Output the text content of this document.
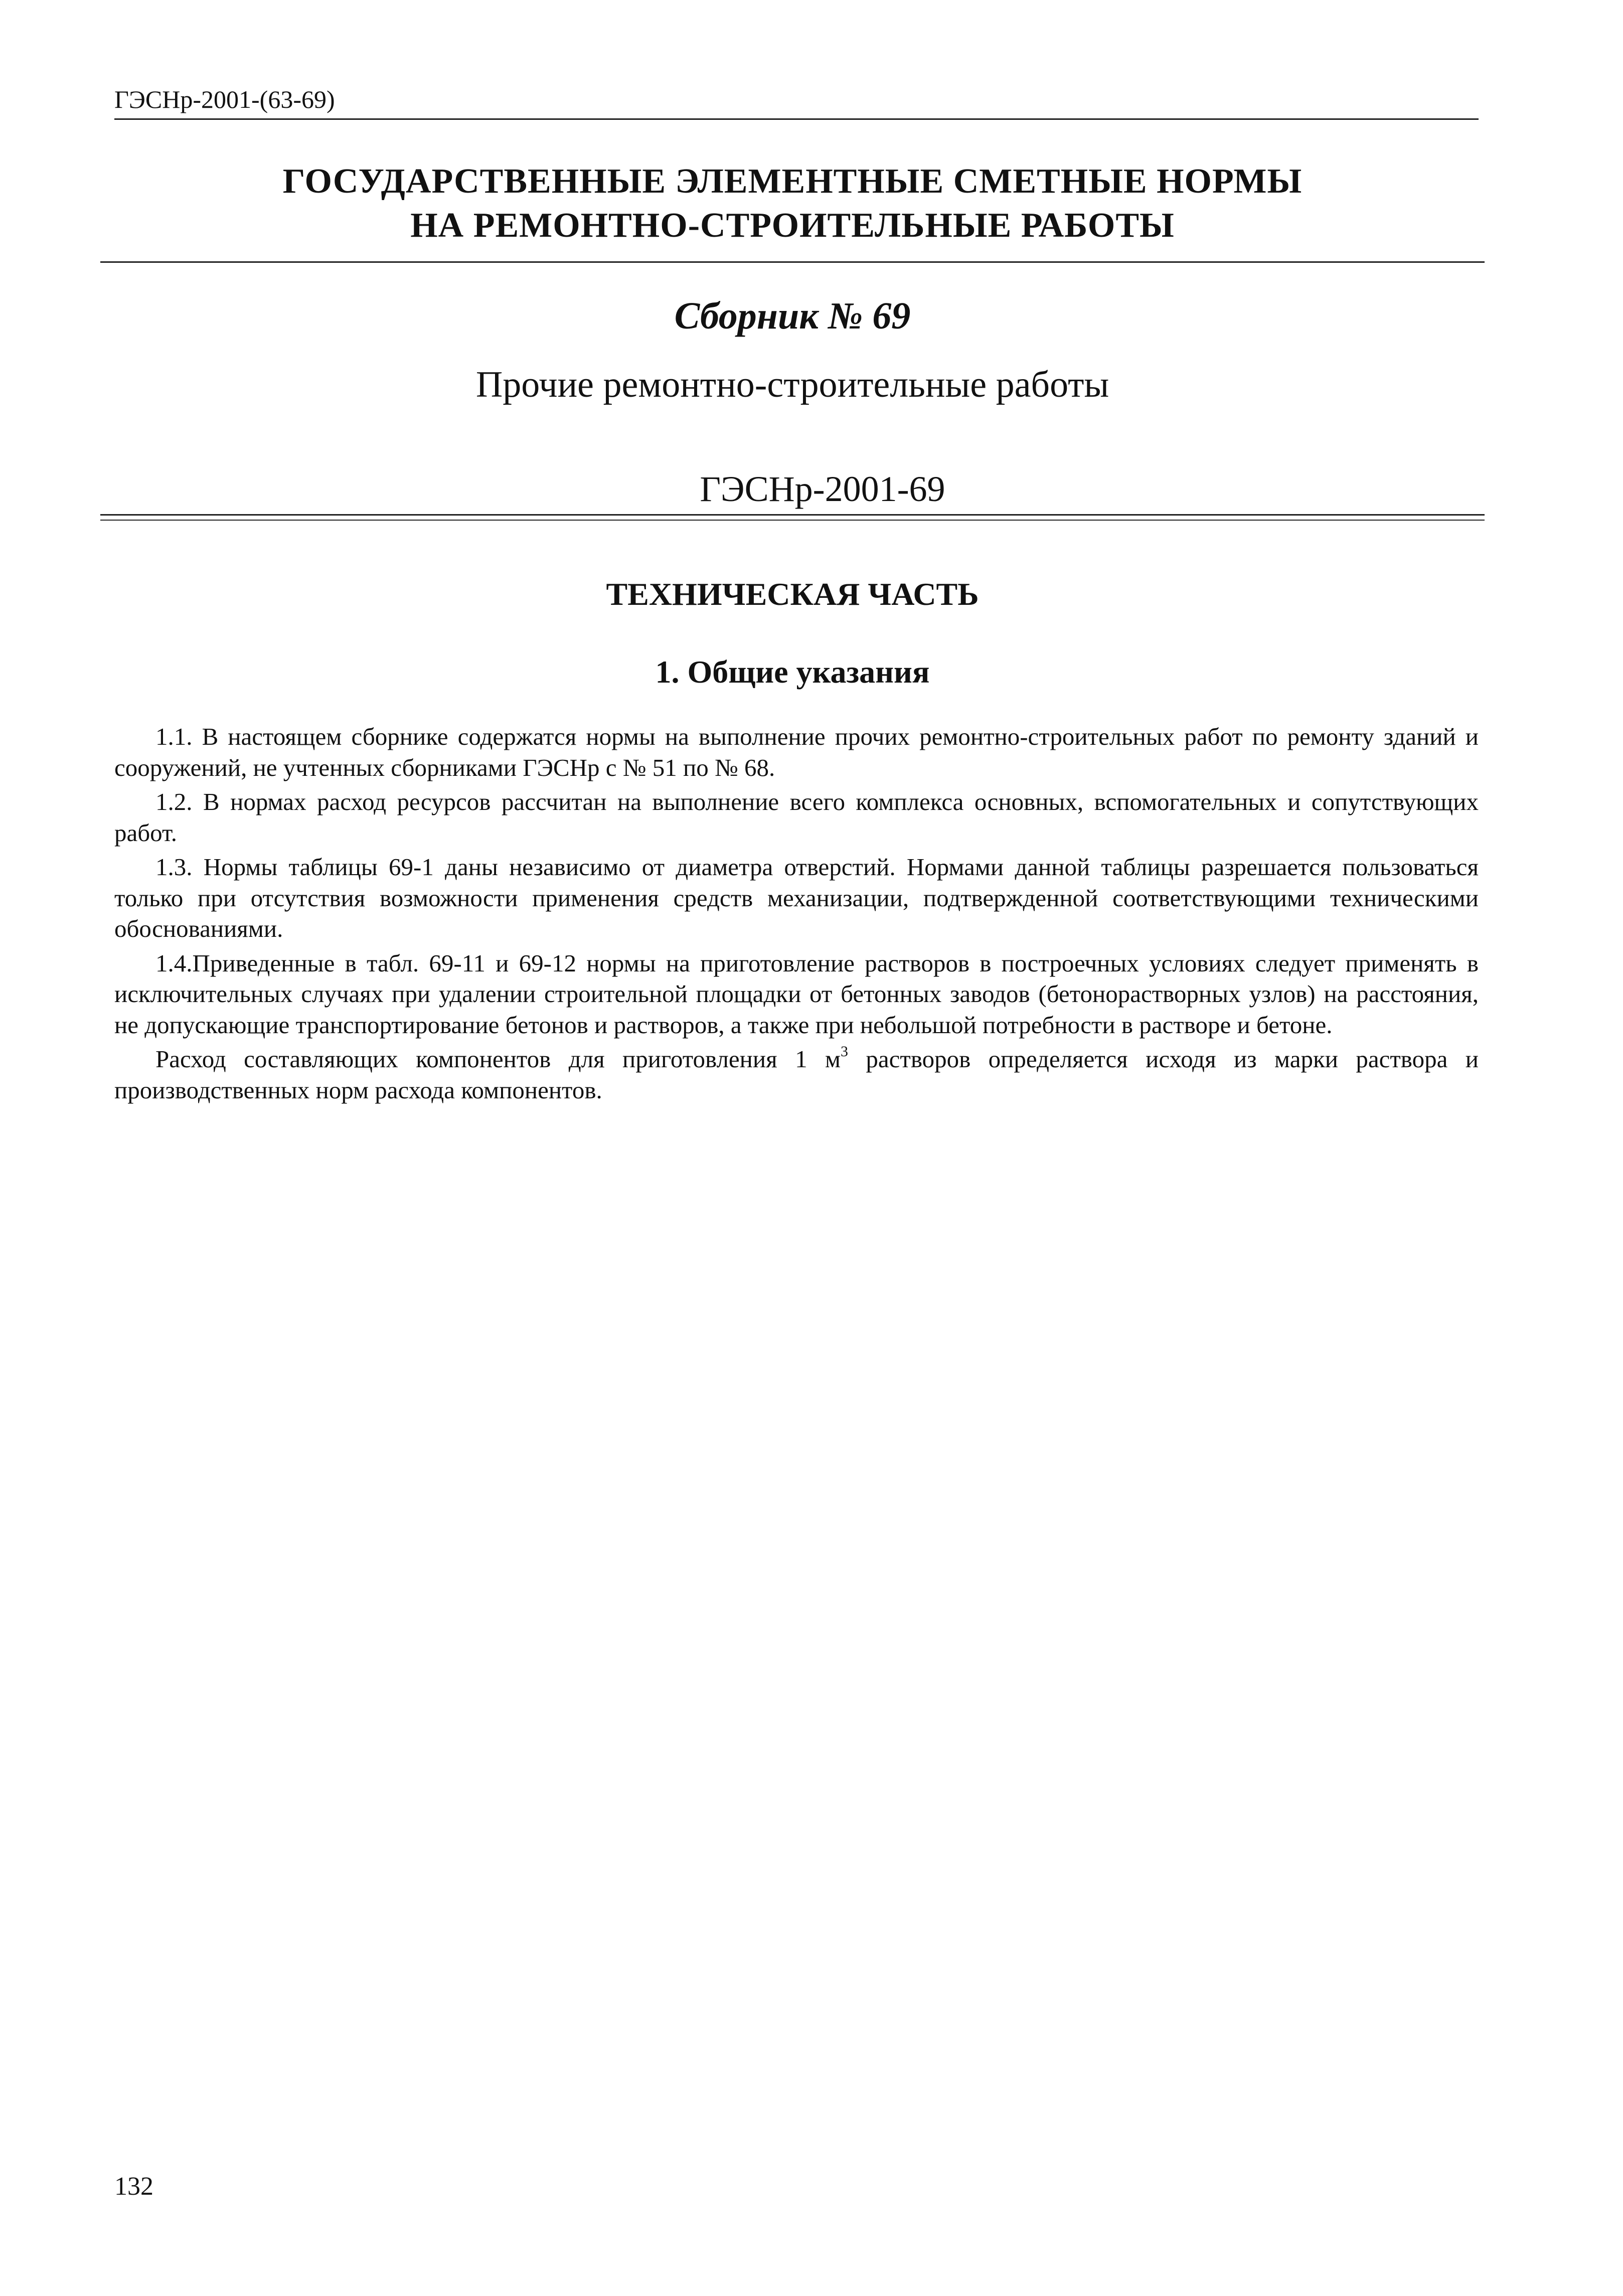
ГЭСНр-2001-(63-69)
ГОСУДАРСТВЕННЫЕ ЭЛЕМЕНТНЫЕ СМЕТНЫЕ НОРМЫ
НА РЕМОНТНО-СТРОИТЕЛЬНЫЕ РАБОТЫ
Сборник № 69
Прочие ремонтно-строительные работы
ГЭСНр-2001-69
ТЕХНИЧЕСКАЯ ЧАСТЬ
1. Общие указания

1.1. В настоящем сборнике содержатся нормы на выполнение прочих ремонтно-строительных работ по ремонту зданий и сооружений, не учтенных сборниками ГЭСНр с № 51 по № 68.

1.2. В нормах расход ресурсов рассчитан на выполнение всего комплекса основных, вспомогательных и сопутствующих работ.

1.3. Нормы таблицы 69-1 даны независимо от диаметра отверстий. Нормами данной таблицы разрешается пользоваться только при отсутствия возможности применения средств механизации, подтвержденной соответствующими техническими обоснованиями.

1.4.Приведенные в табл. 69-11 и 69-12 нормы на приготовление растворов в построечных условиях следует применять в исключительных случаях при удалении строительной площадки от бетонных заводов (бетонорастворных узлов) на расстояния, не допускающие транспортирование бетонов и растворов, а также при небольшой потребности в растворе и бетоне.

Расход составляющих компонентов для приготовления 1 $м^3$ растворов определяется исходя из марки раствора и производственных норм расхода компонентов.

132
